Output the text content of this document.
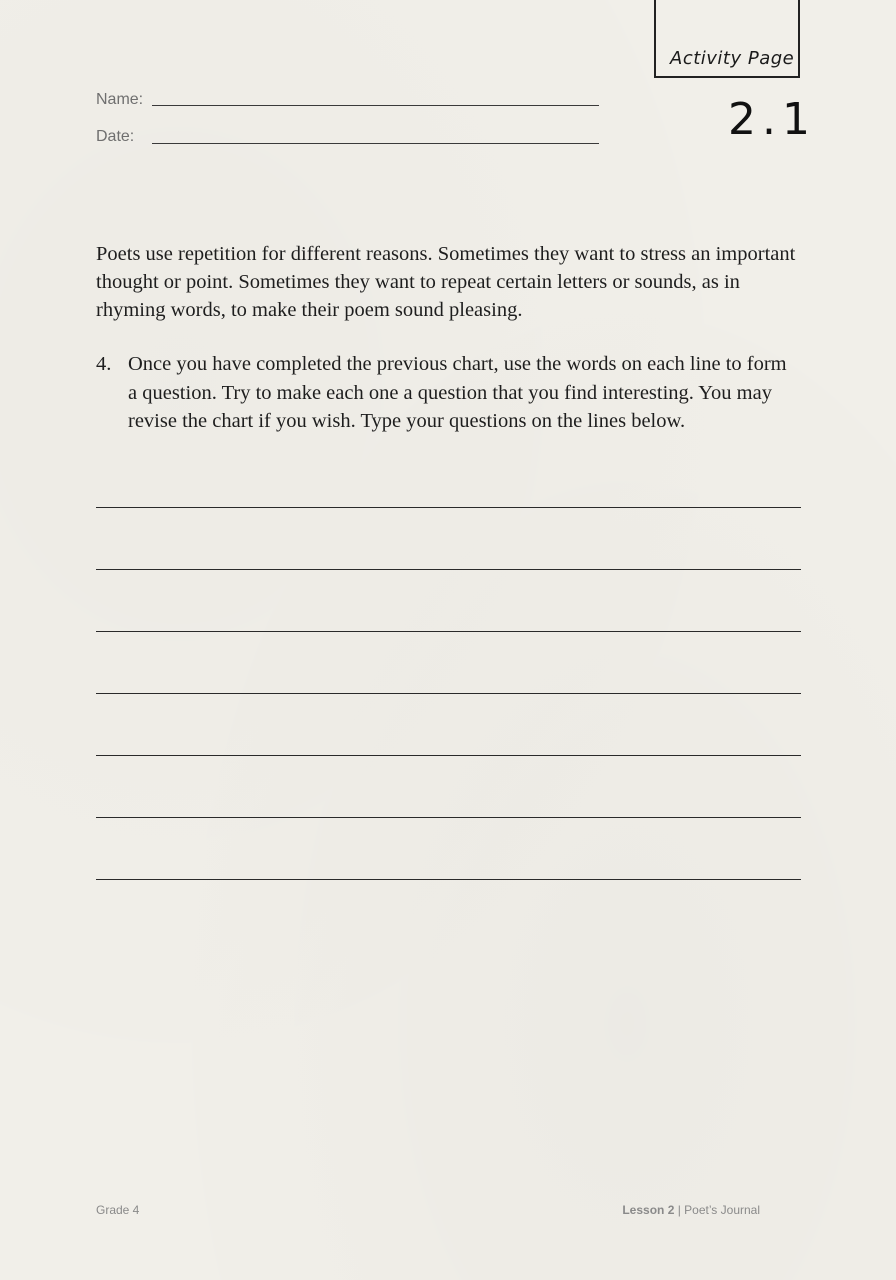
Activity Page
2.1
Name:
Date:

Poets use repetition for different reasons. Sometimes they want to stress an important thought or point. Sometimes they want to repeat certain letters or sounds, as in rhyming words, to make their poem sound pleasing.

4. Once you have completed the previous chart, use the words on each line to form a question. Try to make each one a question that you find interesting. You may revise the chart if you wish. Type your questions on the lines below.
Grade 4	Lesson 2 | Poet’s Journal
